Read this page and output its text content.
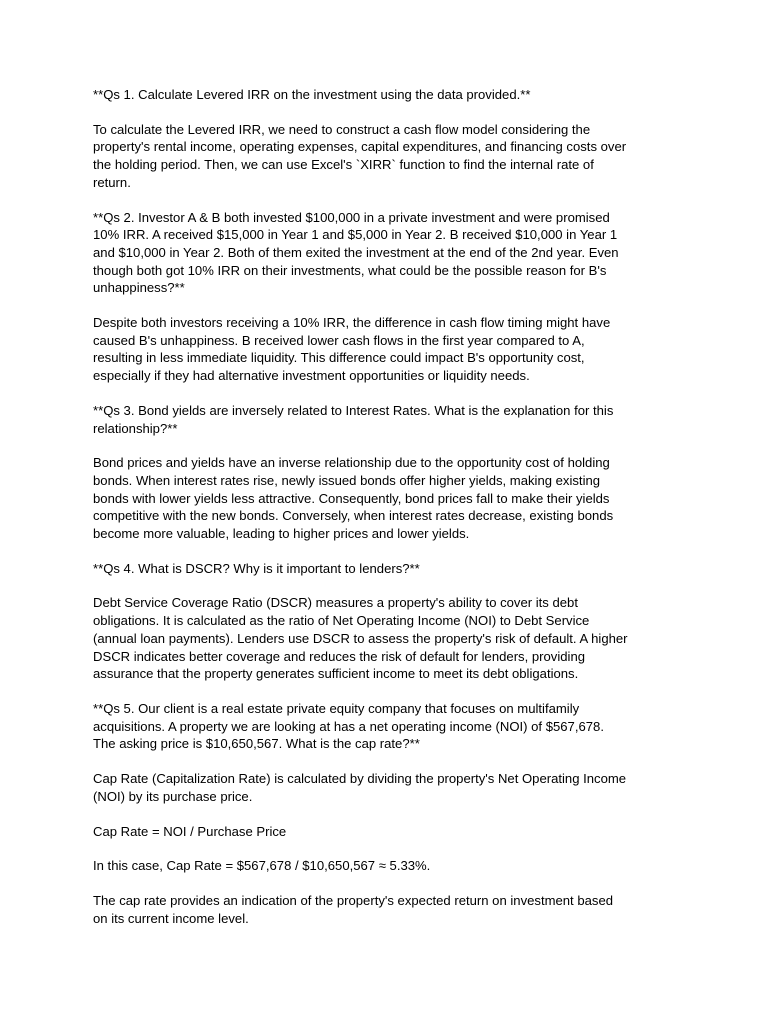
**Qs 1. Calculate Levered IRR on the investment using the data provided.**

To calculate the Levered IRR, we need to construct a cash flow model considering the
property's rental income, operating expenses, capital expenditures, and financing costs over
the holding period. Then, we can use Excel's `XIRR` function to find the internal rate of
return.

**Qs 2. Investor A & B both invested $100,000 in a private investment and were promised
10% IRR. A received $15,000 in Year 1 and $5,000 in Year 2. B received $10,000 in Year 1
and $10,000 in Year 2. Both of them exited the investment at the end of the 2nd year. Even
though both got 10% IRR on their investments, what could be the possible reason for B's
unhappiness?**

Despite both investors receiving a 10% IRR, the difference in cash flow timing might have
caused B's unhappiness. B received lower cash flows in the first year compared to A,
resulting in less immediate liquidity. This difference could impact B's opportunity cost,
especially if they had alternative investment opportunities or liquidity needs.

**Qs 3. Bond yields are inversely related to Interest Rates. What is the explanation for this
relationship?**

Bond prices and yields have an inverse relationship due to the opportunity cost of holding
bonds. When interest rates rise, newly issued bonds offer higher yields, making existing
bonds with lower yields less attractive. Consequently, bond prices fall to make their yields
competitive with the new bonds. Conversely, when interest rates decrease, existing bonds
become more valuable, leading to higher prices and lower yields.

**Qs 4. What is DSCR? Why is it important to lenders?**

Debt Service Coverage Ratio (DSCR) measures a property's ability to cover its debt
obligations. It is calculated as the ratio of Net Operating Income (NOI) to Debt Service
(annual loan payments). Lenders use DSCR to assess the property's risk of default. A higher
DSCR indicates better coverage and reduces the risk of default for lenders, providing
assurance that the property generates sufficient income to meet its debt obligations.

**Qs 5. Our client is a real estate private equity company that focuses on multifamily
acquisitions. A property we are looking at has a net operating income (NOI) of $567,678.
The asking price is $10,650,567. What is the cap rate?**

Cap Rate (Capitalization Rate) is calculated by dividing the property's Net Operating Income
(NOI) by its purchase price.

Cap Rate = NOI / Purchase Price

In this case, Cap Rate = $567,678 / $10,650,567 ≈ 5.33%.

The cap rate provides an indication of the property's expected return on investment based
on its current income level.
